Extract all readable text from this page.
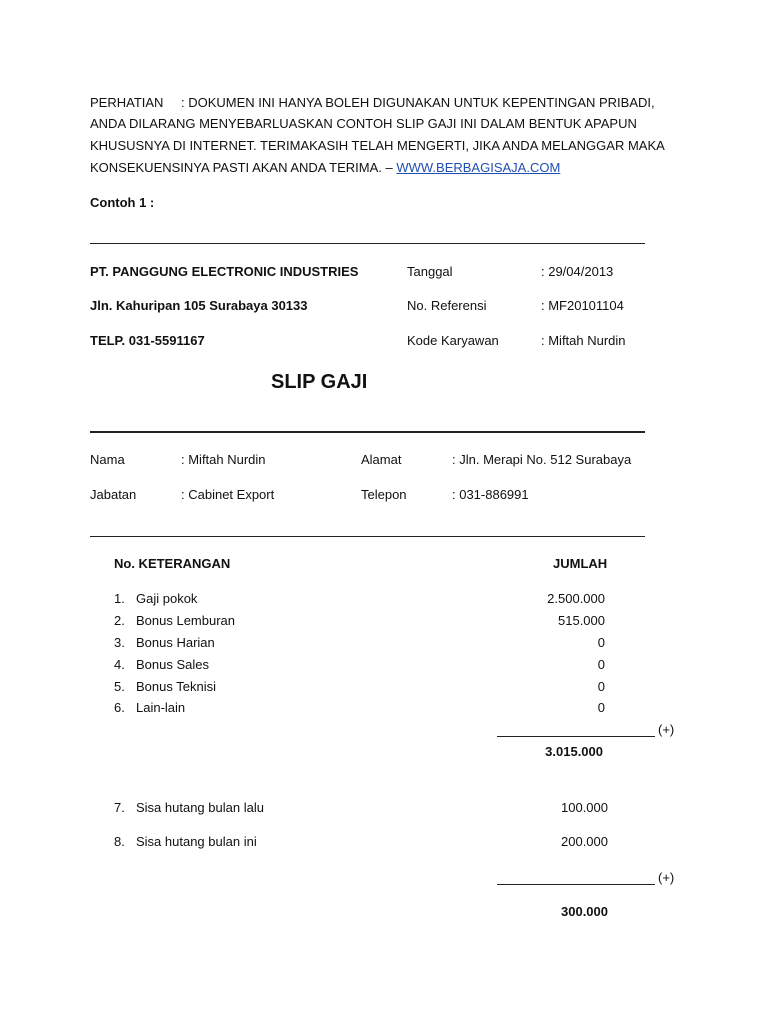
PERHATIAN : DOKUMEN INI HANYA BOLEH DIGUNAKAN UNTUK KEPENTINGAN PRIBADI,
ANDA DILARANG MENYEBARLUASKAN CONTOH SLIP GAJI INI DALAM BENTUK APAPUN
KHUSUSNYA DI INTERNET. TERIMAKASIH TELAH MENGERTI, JIKA ANDA MELANGGAR MAKA
KONSEKUENSINYA PASTI AKAN ANDA TERIMA. – WWW.BERBAGISAJA.COM
Contoh 1 :
PT. PANGGUNG ELECTRONIC INDUSTRIES
Jln. Kahuripan 105 Surabaya 30133
TELP. 031-5591167
Tanggal	: 29/04/2013
No. Referensi	: MF20101104
Kode Karyawan	: Miftah Nurdin
SLIP GAJI
Nama	: Miftah Nurdin	Alamat	: Jln. Merapi No. 512 Surabaya
Jabatan	: Cabinet Export	Telepon	: 031-886991
No. KETERANGAN	JUMLAH
1. Gaji pokok	2.500.000
2. Bonus Lemburan	515.000
3. Bonus Harian	0
4. Bonus Sales	0
5. Bonus Teknisi	0
6. Lain-lain	0
(+)
3.015.000
7. Sisa hutang bulan lalu	100.000
8. Sisa hutang bulan ini	200.000
(+)
300.000
